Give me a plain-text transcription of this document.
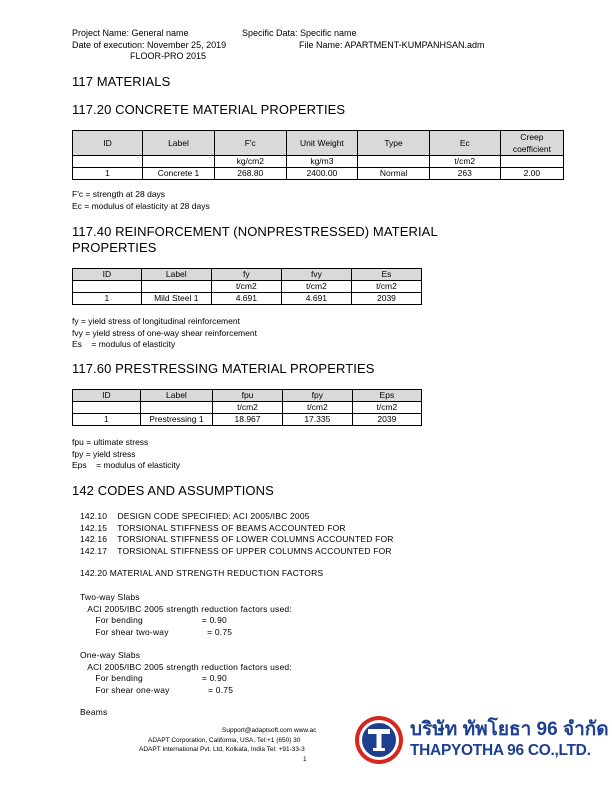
Project Name: General name	Specific Data: Specific name
Date of execution: November 25, 2019	File Name: APARTMENT-KUMPANHSAN.adm
FLOOR-PRO 2015
117 MATERIALS
117.20 CONCRETE MATERIAL PROPERTIES
ID	Label	F'c	Unit Weight	Type	Ec	Creep
coefficient
		kg/cm2	kg/m3		t/cm2	
1	Concrete 1	268.80	2400.00	Normal	263	2.00
F'c = strength at 28 days
Ec = modulus of elasticity at 28 days
117.40 REINFORCEMENT (NONPRESTRESSED) MATERIAL PROPERTIES
ID	Label	fy	fvy	Es
		t/cm2	t/cm2	t/cm2
1	Mild Steel 1	4.691	4.691	2039
fy = yield stress of longitudinal reinforcement
fvy = yield stress of one-way shear reinforcement
Es    = modulus of elasticity
117.60 PRESTRESSING MATERIAL PROPERTIES
ID	Label	fpu	fpy	Eps
		t/cm2	t/cm2	t/cm2
1	Prestressing 1	18.967	17.335	2039
fpu = ultimate stress
fpy = yield stress
Eps    = modulus of elasticity
142 CODES AND ASSUMPTIONS
142.10    DESIGN CODE SPECIFIED: ACI 2005/IBC 2005
142.15    TORSIONAL STIFFNESS OF BEAMS ACCOUNTED FOR
142.16    TORSIONAL STIFFNESS OF LOWER COLUMNS ACCOUNTED FOR
142.17    TORSIONAL STIFFNESS OF UPPER COLUMNS ACCOUNTED FOR
142.20 MATERIAL AND STRENGTH REDUCTION FACTORS
Two-way Slabs
ACI 2005/IBC 2005 strength reduction factors used:
For bending                       = 0.90
For shear two-way               = 0.75
One-way Slabs
ACI 2005/IBC 2005 strength reduction factors used:
For bending                       = 0.90
For shear one-way               = 0.75
Beams
Support@adaptsoft.com www.ac
ADAPT Corporation, California, USA, Tel:+1 (650) 30
ADAPT International Pvt. Ltd, Kolkata, India Tel: +91-33-3
1
บริษัท ทัพโยธา 96 จำกัด
THAPYOTHA 96 CO.,LTD.
